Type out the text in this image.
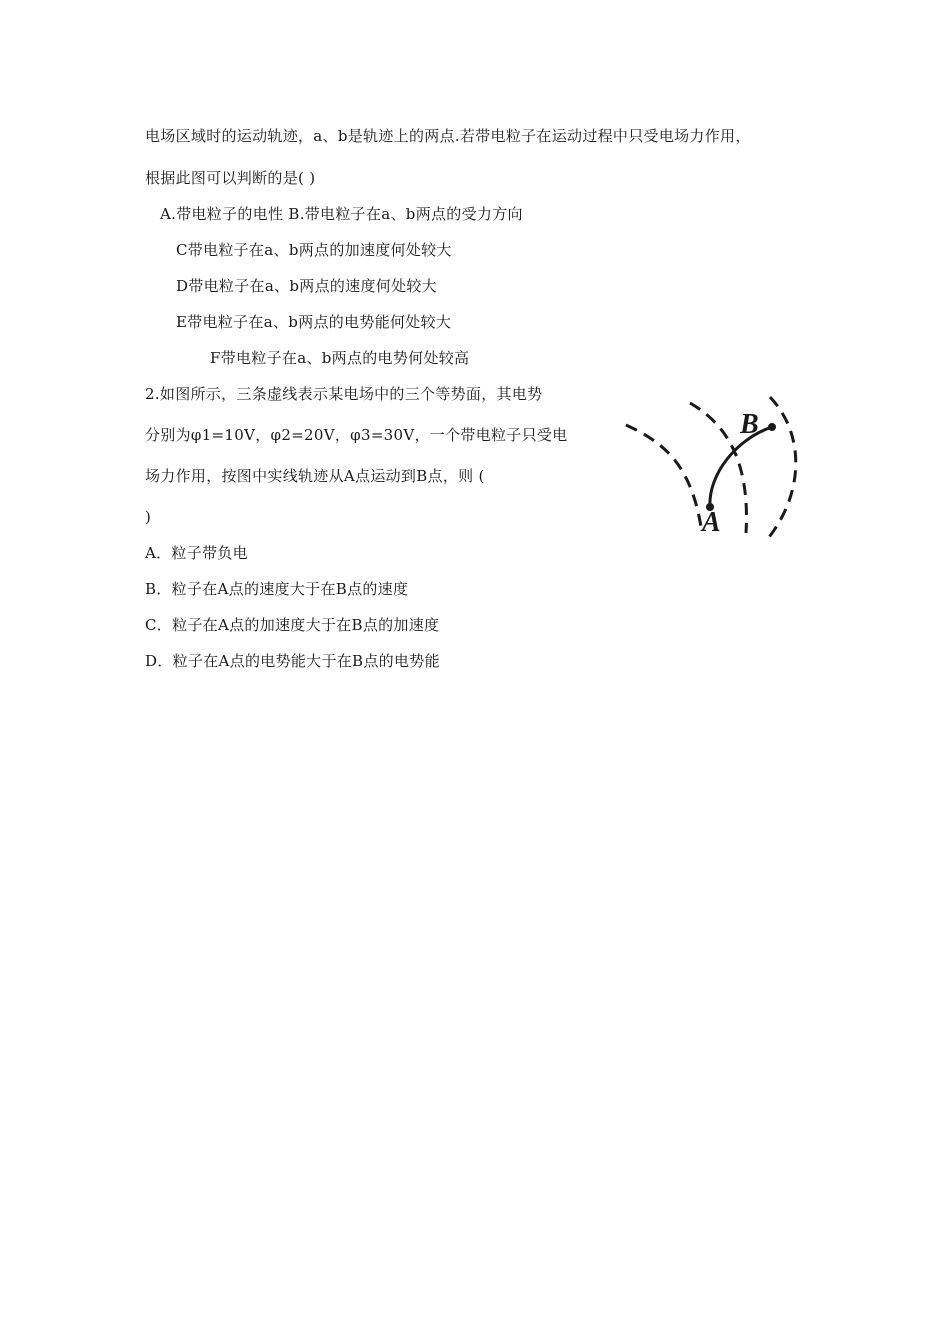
电场区域时的运动轨迹，a、b是轨迹上的两点.若带电粒子在运动过程中只受电场力作用，
根据此图可以判断的是( )
A.带电粒子的电性 B.带电粒子在a、b两点的受力方向
C带电粒子在a、b两点的加速度何处较大
D带电粒子在a、b两点的速度何处较大
E带电粒子在a、b两点的电势能何处较大
F带电粒子在a、b两点的电势何处较高
2.如图所示，三条虚线表示某电场中的三个等势面，其电势
分别为φ1=10V，φ2=20V，φ3=30V，一个带电粒子只受电
场力作用，按图中实线轨迹从A点运动到B点，则 (
)
A．粒子带负电
B．粒子在A点的速度大于在B点的速度
C．粒子在A点的加速度大于在B点的加速度
D．粒子在A点的电势能大于在B点的电势能
A
B
